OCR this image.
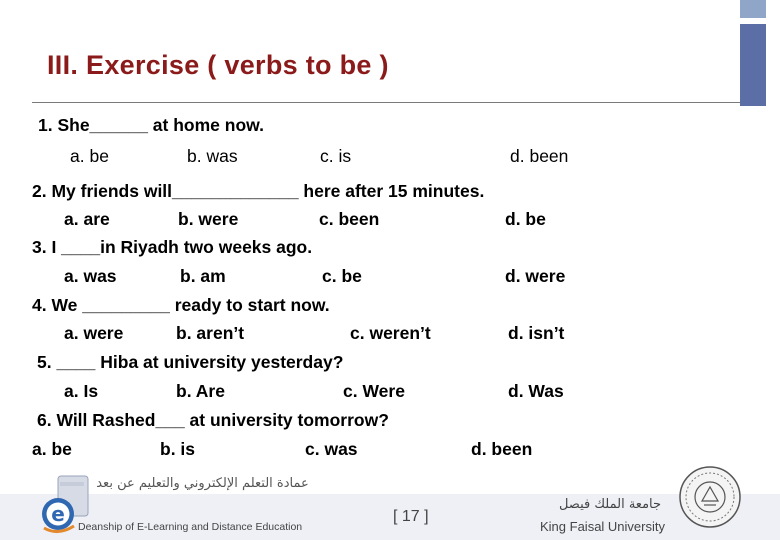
III. Exercise ( verbs to be )
1. She______ at home now.
a. be	b. was	c. is	d. been
2. My friends will_____________ here after 15 minutes.
a. are	b. were	c. been	d. be
3. I ____in Riyadh two weeks ago.
a. was	b. am	c. be	d. were
4. We _________ ready to start now.
a. were	b. aren’t	c. weren’t	d. isn’t
5. ____ Hiba at university yesterday?
a. Is	b. Are	c. Were	d. Was
6. Will Rashed___ at university tomorrow?
a. be	b. is	c. was	d. been
e
عمادة التعلم الإلكتروني والتعليم عن بعد
Deanship of E-Learning and Distance Education
[ 17 ]
جامعة الملك فيصل
King Faisal University
